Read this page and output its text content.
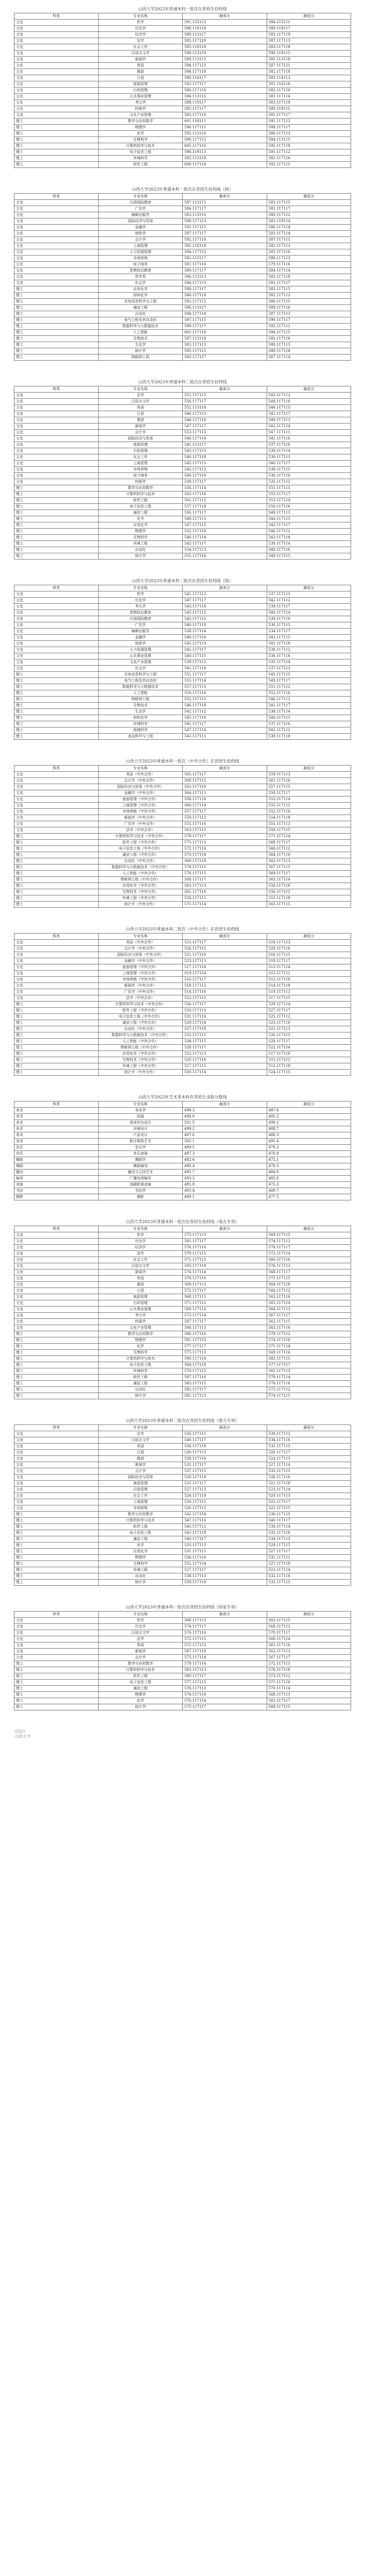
山西大学2023年普通本科一批次在晋招生投档线
科类	专业名称	最高分	最低分
文史	哲学	591.133112	584.115111
文史	历史学	598.118118	589.118117
文史	经济学	590.113117	585.117119
文史	法学	592.117120	587.117113
文史	社会工作	585.118118	583.117118
文史	汉语言文学	599.113119	590.119115
文史	新闻学	589.113115	585.113118
文史	英语	594.117121	587.117121
文史	俄语	584.117118	582.117118
文史	日语	586.114117	583.114113
文史	旅游管理	583.117117	581.116116
文史	行政管理	586.117116	582.117116
文史	公共事业管理	584.113115	581.117114
文史	考古学	588.119117	583.117119
文史	档案学	582.117117	580.118115
文史	文化产业管理	583.117116	581.117117
理工	数学与应用数学	601.118111	591.117112
理工	物理学	596.117115	588.117117
理工	化学	592.113116	586.117113
理工	生物科学	590.117115	584.113115
理工	计算机科学与技术	605.117116	595.117118
理工	电子信息工程	598.119113	591.117112
理工	环境科学	585.113118	581.117116
理工	软件工程	600.117114	592.117115
山西大学2023年普通本科一批次在晋招生投档线（续）
科类	专业名称	最高分	最低分
文史	汉语国际教育	587.113115	583.117115
文史	广告学	584.117117	581.117117
文史	编辑出版学	583.113116	580.117112
文史	国际经济与贸易	588.117113	583.119114
文史	金融学	591.117115	586.117114
文史	财政学	587.117117	583.117114
文史	会计学	592.117118	587.117115
文史	工商管理	585.118118	582.117113
文史	人力资源管理	584.117115	581.117116
文史	市场营销	582.113117	580.117113
文史	电子商务	581.117116	579.117116
文史	思想政治教育	589.117117	584.117114
文史	哲学类	586.113113	582.117118
文史	社会学	584.117113	581.117117
理工	应用化学	588.117117	583.117115
理工	材料化学	586.117118	582.117112
理工	光电信息科学与工程	592.117112	586.117115
理工	通信工程	596.113117	589.117116
理工	自动化	594.117114	587.117113
理工	电气工程及其自动化	597.117115	590.117117
理工	数据科学与大数据技术	599.117117	592.117112
理工	人工智能	601.117116	594.117115
理工	生物技术	587.113118	582.117116
理工	生态学	583.117113	580.117113
理工	统计学	595.117115	588.117118
理工	物联网工程	593.117117	587.117114
山西大学2023年普通本科二批次在晋招生投档线
科类	专业名称	最高分	最低分
文史	法学	551.117115	545.117112
文史	汉语言文学	556.117117	549.117116
文史	英语	552.113118	546.117115
文史	日语	546.117113	541.117117
文史	俄语	544.117116	540.117113
文史	新闻学	547.117117	542.117114
文史	会计学	553.117115	547.117115
文史	国际经济与贸易	546.117114	541.117116
文史	旅游管理	541.113117	537.117118
文史	行政管理	543.117113	538.117114
文史	社会工作	540.117118	536.117113
文史	工商管理	545.117115	540.117117
文史	市场营销	542.117112	538.117115
文史	电子商务	540.117116	536.117116
文史	档案学	539.117117	535.117112
理工	数学与应用数学	558.117114	551.117115
理工	计算机科学与技术	563.117116	555.117117
理工	软件工程	561.117112	553.117114
理工	电子信息工程	557.117118	550.117116
理工	通信工程	556.117117	549.117113
理工	化学	549.117113	544.117115
理工	应用化学	547.117115	542.117117
理工	物理学	552.117116	546.117112
理工	生物科学	548.117114	543.117118
理工	环境工程	543.117117	539.117114
理工	自动化	554.117113	548.117116
理工	统计学	555.117116	549.117115
山西大学2023年普通本科二批次在晋招生投档线（续）
科类	专业名称	最高分	最低分
文史	哲学	541.117113	537.117115
文史	历史学	547.117117	542.117112
文史	考古学	543.117116	539.117117
文史	思想政治教育	545.117115	540.117114
文史	汉语国际教育	542.117112	538.117116
文史	广告学	540.117118	536.117113
文史	编辑出版学	538.117114	534.117117
文史	金融学	548.117116	543.117115
文史	财政学	545.117113	541.117118
文史	人力资源管理	542.117117	538.117112
文史	公共事业管理	540.117115	536.117116
文史	文化产业管理	539.117112	535.117114
文史	社会学	541.117116	537.117113
理工	光电信息科学与工程	551.117117	545.117115
理工	电气工程及其自动化	555.117114	549.117117
理工	数据科学与大数据技术	557.117113	551.117112
理工	人工智能	559.117116	552.117116
理工	物联网工程	552.117115	546.117113
理工	生物技术	546.117118	541.117117
理工	生态学	542.117112	538.117114
理工	材料化学	545.117116	540.117115
理工	环境科学	541.117117	537.117116
理工	地理科学	547.117114	542.117112
理工	食品科学与工程	543.117115	539.117118
山西大学2023年普通本科一批次（中外合作）在晋招生投档线
科类	专业名称	最高分	最低分
文史	英语（中外合作）	565.117117	559.117113
文史	会计学（中外合作）	568.117115	561.117116
文史	国际经济与贸易（中外合作）	562.117116	557.117115
文史	金融学（中外合作）	564.117113	558.117117
文史	旅游管理（中外合作）	558.117118	553.117114
文史	工商管理（中外合作）	560.117114	555.117112
文史	市场营销（中外合作）	557.117117	552.117116
文史	新闻学（中外合作）	559.117112	554.117118
文史	广告学（中外合作）	555.117116	551.117113
文史	法学（中外合作）	563.117115	558.117115
理工	计算机科学与技术（中外合作）	578.117117	571.117114
理工	软件工程（中外合作）	575.117113	568.117117
理工	电子信息工程（中外合作）	572.117116	566.117112
理工	通信工程（中外合作）	570.117114	564.117116
理工	自动化（中外合作）	568.117118	562.117113
理工	数据科学与大数据技术（中外合作）	574.117112	567.117115
理工	人工智能（中外合作）	576.117115	569.117117
理工	物联网工程（中外合作）	569.117117	563.117114
理工	应用化学（中外合作）	563.117113	558.117116
理工	生物技术（中外合作）	561.117116	556.117112
理工	环境工程（中外合作）	558.117115	553.117118
理工	统计学（中外合作）	571.117114	565.117115
山西大学2023年普通本科二批次（中外合作）在晋招生投档线
科类	专业名称	最高分	最低分
文史	英语（中外合作）	523.117117	518.117113
文史	会计学（中外合作）	526.117115	520.117116
文史	国际经济与贸易（中外合作）	521.117116	516.117115
文史	金融学（中外合作）	523.117113	518.117117
文史	旅游管理（中外合作）	517.117118	513.117114
文史	工商管理（中外合作）	519.117114	515.117112
文史	市场营销（中外合作）	516.117117	512.117116
文史	新闻学（中外合作）	518.117112	514.117118
文史	广告学（中外合作）	514.117116	510.117113
文史	法学（中外合作）	522.117115	517.117115
理工	计算机科学与技术（中外合作）	536.117117	529.117114
理工	软件工程（中外合作）	533.117113	527.117117
理工	电子信息工程（中外合作）	531.117116	525.117112
理工	通信工程（中外合作）	529.117114	523.117116
理工	自动化（中外合作）	527.117118	521.117113
理工	数据科学与大数据技术（中外合作）	532.117112	526.117115
理工	人工智能（中外合作）	534.117115	528.117117
理工	物联网工程（中外合作）	528.117117	522.117114
理工	应用化学（中外合作）	522.117113	517.117116
理工	生物技术（中外合作）	520.117116	515.117112
理工	环境工程（中外合作）	517.117115	512.117118
理工	统计学（中外合作）	530.117114	524.117115
山西大学2023年艺术类本科在晋招生录取分数线
科类	专业名称	最高分	最低分
美术	美术学	498.3	487.6
美术	绘画	496.8	485.2
美术	视觉传达设计	501.5	490.1
美术	环境设计	499.2	488.7
美术	产品设计	497.6	486.3
美术	数字媒体艺术	502.1	491.4
音乐	音乐学	489.5	478.2
音乐	音乐表演	487.3	476.8
舞蹈	舞蹈学	482.6	472.1
舞蹈	舞蹈编导	480.4	470.5
播音	播音与主持艺术	495.7	484.9
编导	广播电视编导	493.2	482.6
表演	戏剧影视表演	485.8	475.3
书法	书法学	491.4	480.7
摄影	摄影	488.1	477.5
山西大学2023年普通本科一批次在晋招生投档线（地方专项）
科类	专业名称	最高分	最低分
文史	哲学	575.117113	569.117115
文史	历史学	581.117117	574.117112
文史	经济学	576.117116	570.117117
文史	法学	579.117115	572.117114
文史	社会工作	571.117112	566.117116
文史	汉语言文学	583.117118	576.117113
文史	新闻学	574.117114	568.117117
文史	英语	578.117116	571.117115
文史	俄语	569.117113	564.117118
文史	日语	572.117117	566.117112
文史	旅游管理	568.117115	563.117116
文史	行政管理	571.117112	565.117114
文史	公共事业管理	569.117116	564.117113
文史	考古学	573.117114	567.117117
文史	档案学	567.117117	562.117115
文史	文化产业管理	568.117113	563.117116
理工	数学与应用数学	586.117116	578.117112
理工	物理学	581.117115	574.117118
理工	化学	577.117117	571.117114
理工	生物科学	575.117113	569.117116
理工	计算机科学与技术	590.117114	582.117115
理工	电子信息工程	584.117118	577.117117
理工	环境科学	570.117112	565.117113
理工	软件工程	587.117116	579.117114
理工	通信工程	583.117115	576.117116
理工	自动化	582.117117	575.117112
理工	统计学	581.117113	574.117115
山西大学2023年普通本科二批次在晋招生投档线（地方专项）
科类	专业名称	最高分	最低分
文史	法学	535.117115	530.117112
文史	汉语言文学	540.117117	534.117116
文史	英语	536.117118	531.117115
文史	日语	530.117113	526.117117
文史	俄语	528.117116	524.117113
文史	新闻学	531.117117	527.117114
文史	会计学	537.117115	532.117115
文史	国际经济与贸易	530.117114	526.117116
文史	旅游管理	525.117117	521.117118
文史	行政管理	527.117113	523.117114
文史	社会工作	524.117118	520.117113
文史	工商管理	529.117115	525.117117
文史	市场营销	526.117112	522.117115
理工	数学与应用数学	542.117114	536.117115
理工	计算机科学与技术	547.117116	540.117117
理工	软件工程	545.117112	538.117114
理工	电子信息工程	541.117118	535.117116
理工	通信工程	540.117117	534.117113
理工	化学	533.117113	528.117115
理工	应用化学	531.117115	527.117117
理工	物理学	536.117116	531.117112
理工	生物科学	532.117114	527.117118
理工	环境工程	527.117117	523.117114
理工	自动化	538.117113	532.117116
理工	统计学	539.117116	533.117115
山西大学2023年普通本科一批次在晋招生投档线（国家专项）
科类	专业名称	最高分	最低分
文史	哲学	568.117113	563.117115
文史	历史学	574.117117	568.117112
文史	汉语言文学	576.117116	570.117117
文史	法学	572.117115	566.117114
文史	英语	571.117112	565.117116
文史	新闻学	567.117118	562.117113
文史	会计学	573.117114	567.117117
理工	数学与应用数学	579.117116	572.117115
理工	计算机科学与技术	583.117113	576.117118
理工	软件工程	580.117117	573.117112
理工	电子信息工程	577.117115	571.117116
理工	通信工程	576.117112	570.117114
理工	物理学	574.117116	568.117113
理工	化学	570.117114	565.117117
理工	统计学	575.117117	569.117115
2023
山西大学
